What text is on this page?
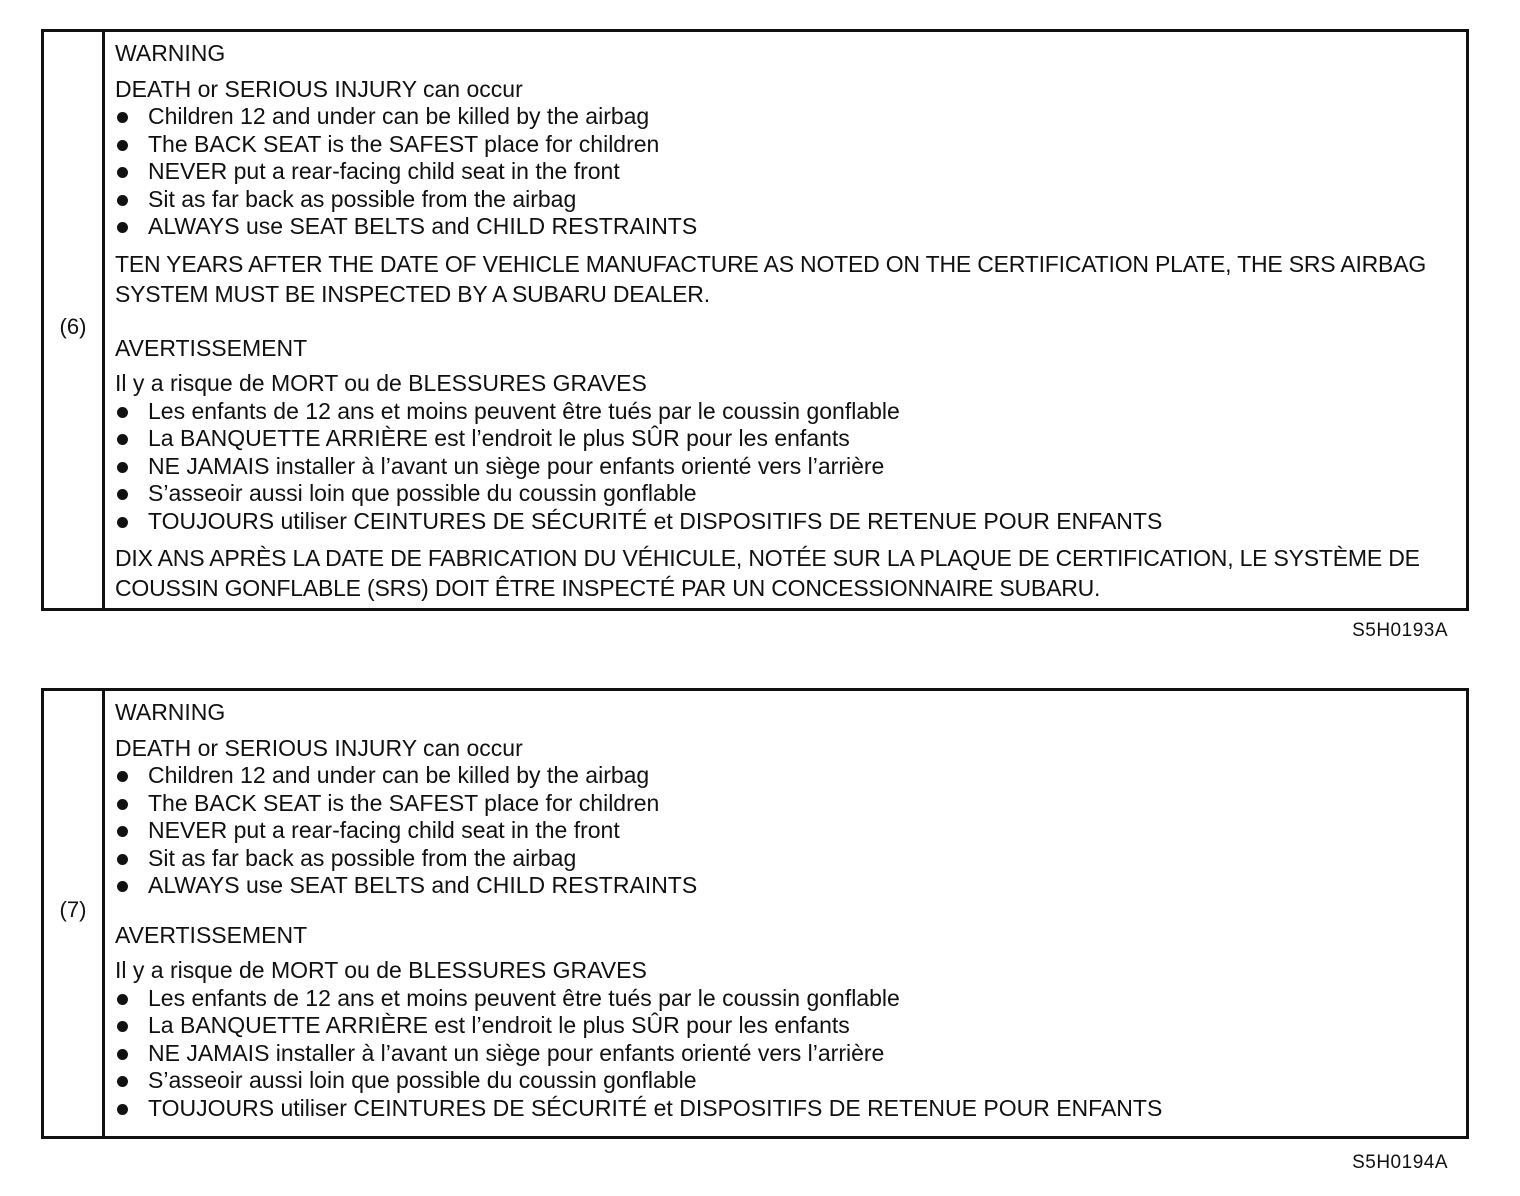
(6)
WARNING
DEATH or SERIOUS INJURY can occur
Children 12 and under can be killed by the airbag
The BACK SEAT is the SAFEST place for children
NEVER put a rear-facing child seat in the front
Sit as far back as possible from the airbag
ALWAYS use SEAT BELTS and CHILD RESTRAINTS
TEN YEARS AFTER THE DATE OF VEHICLE MANUFACTURE AS NOTED ON THE CERTIFICATION PLATE, THE SRS AIRBAG SYSTEM MUST BE INSPECTED BY A SUBARU DEALER.
AVERTISSEMENT
Il y a risque de MORT ou de BLESSURES GRAVES
Les enfants de 12 ans et moins peuvent être tués par le coussin gonflable
La BANQUETTE ARRIÈRE est l’endroit le plus SÛR pour les enfants
NE JAMAIS installer à l’avant un siège pour enfants orienté vers l’arrière
S’asseoir aussi loin que possible du coussin gonflable
TOUJOURS utiliser CEINTURES DE SÉCURITÉ et DISPOSITIFS DE RETENUE POUR ENFANTS
DIX ANS APRÈS LA DATE DE FABRICATION DU VÉHICULE, NOTÉE SUR LA PLAQUE DE CERTIFICATION, LE SYSTÈME DE COUSSIN GONFLABLE (SRS) DOIT ÊTRE INSPECTÉ PAR UN CONCESSIONNAIRE SUBARU.
S5H0193A
(7)
WARNING
DEATH or SERIOUS INJURY can occur
Children 12 and under can be killed by the airbag
The BACK SEAT is the SAFEST place for children
NEVER put a rear-facing child seat in the front
Sit as far back as possible from the airbag
ALWAYS use SEAT BELTS and CHILD RESTRAINTS
AVERTISSEMENT
Il y a risque de MORT ou de BLESSURES GRAVES
Les enfants de 12 ans et moins peuvent être tués par le coussin gonflable
La BANQUETTE ARRIÈRE est l’endroit le plus SÛR pour les enfants
NE JAMAIS installer à l’avant un siège pour enfants orienté vers l’arrière
S’asseoir aussi loin que possible du coussin gonflable
TOUJOURS utiliser CEINTURES DE SÉCURITÉ et DISPOSITIFS DE RETENUE POUR ENFANTS
S5H0194A
